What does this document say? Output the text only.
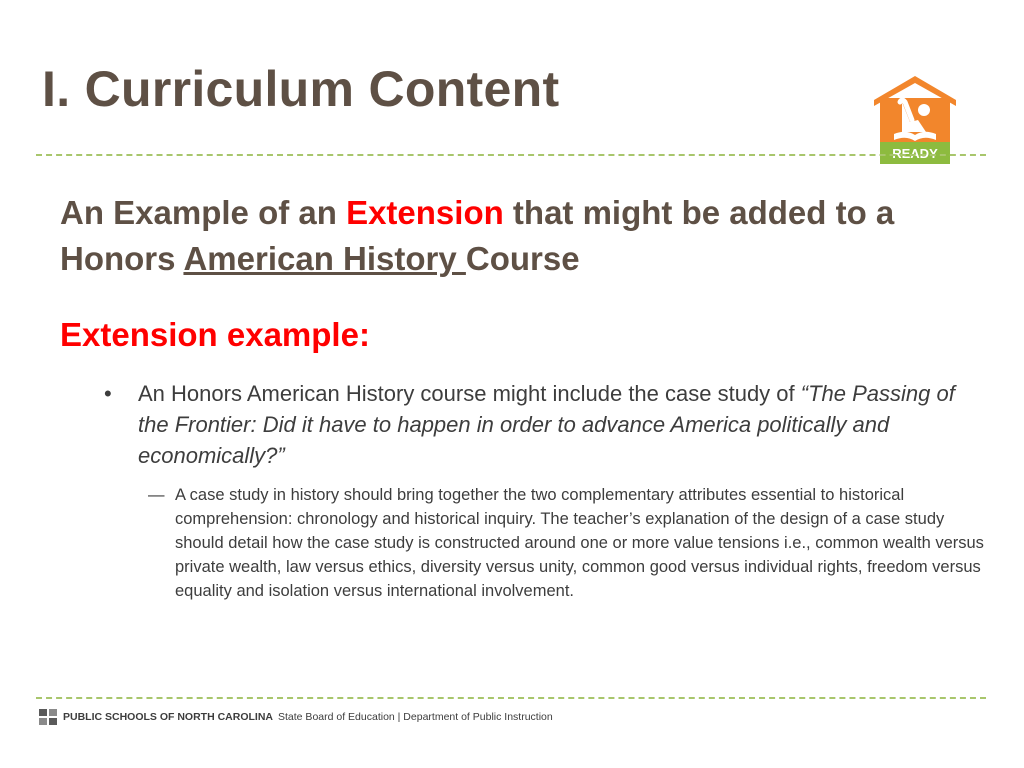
I. Curriculum Content
READY
An Example of an Extension that might be added to a Honors American History Course
Extension example:
• An Honors American History course might include the case study of “The Passing of the Frontier: Did it have to happen in order to advance America politically and economically?”
— A case study in history should bring together the two complementary attributes essential to historical comprehension: chronology and historical inquiry. The teacher’s explanation of the design of a case study should detail how the case study is constructed around one or more value tensions i.e., common wealth versus private wealth, law versus ethics, diversity versus unity, common good versus individual rights, freedom versus equality and isolation versus international involvement.
PUBLIC SCHOOLS OF NORTH CAROLINA State Board of Education | Department of Public Instruction
